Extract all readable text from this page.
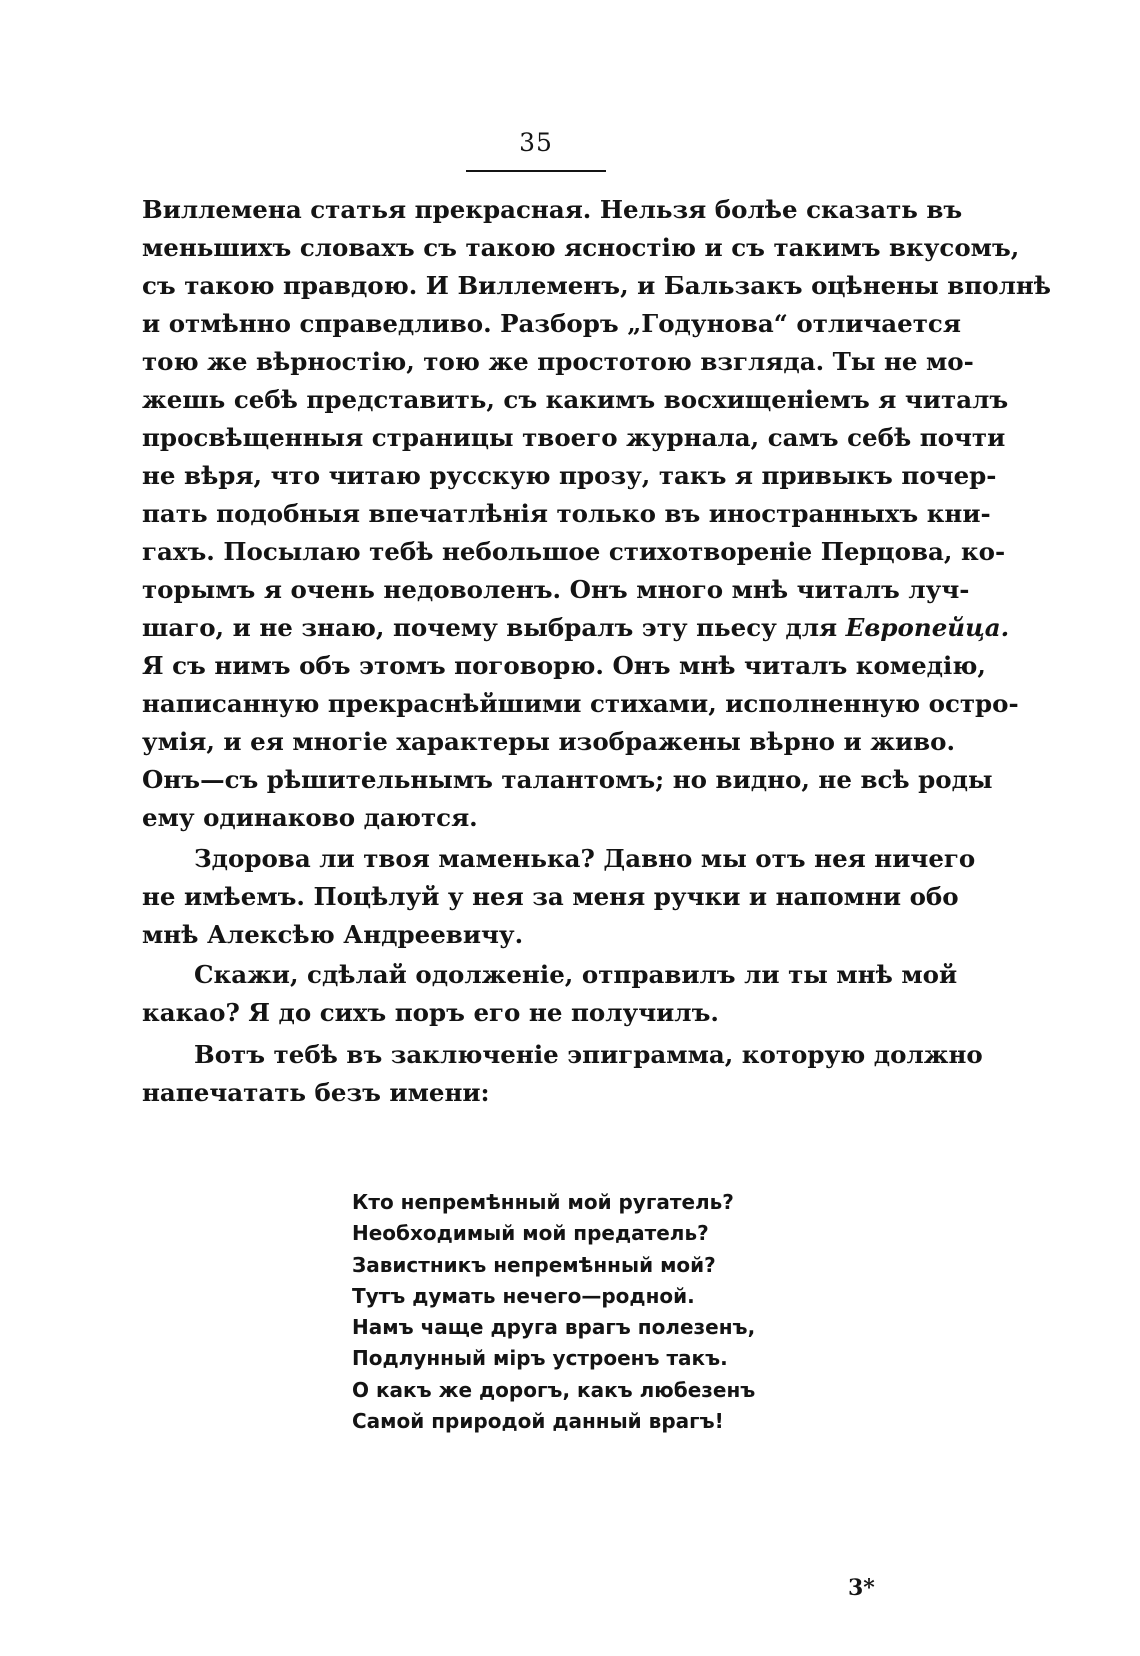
35
Виллемена статья прекрасная. Нельзя болѣе сказать въ
меньшихъ словахъ съ такою ясностію и съ такимъ вкусомъ,
съ такою правдою. И Виллеменъ, и Бальзакъ оцѣнены вполнѣ
и отмѣнно справедливо. Разборъ „Годунова“ отличается
тою же вѣрностію, тою же простотою взгляда. Ты не мо-
жешь себѣ представить, съ какимъ восхищеніемъ я читалъ
просвѣщенныя страницы твоего журнала, самъ себѣ почти
не вѣря, что читаю русскую прозу, такъ я привыкъ почер-
пать подобныя впечатлѣнія только въ иностранныхъ кни-
гахъ. Посылаю тебѣ небольшое стихотвореніе Перцова, ко-
торымъ я очень недоволенъ. Онъ много мнѣ читалъ луч-
шаго, и не знаю, почему выбралъ эту пьесу для Европейца.
Я съ нимъ объ этомъ поговорю. Онъ мнѣ читалъ комедію,
написанную прекраснѣйшими стихами, исполненную остро-
умія, и ея многіе характеры изображены вѣрно и живо.
Онъ—съ рѣшительнымъ талантомъ; но видно, не всѣ роды
ему одинаково даются.
Здорова ли твоя маменька? Давно мы отъ нея ничего
не имѣемъ. Поцѣлуй у нея за меня ручки и напомни обо
мнѣ Алексѣю Андреевичу.
Скажи, сдѣлай одолженіе, отправилъ ли ты мнѣ мой
какао? Я до сихъ поръ его не получилъ.
Вотъ тебѣ въ заключеніе эпиграмма, которую должно
напечатать безъ имени:
Кто непремѣнный мой ругатель?
Необходимый мой предатель?
Завистникъ непремѣнный мой?
Тутъ думать нечего—родной.
Намъ чаще друга врагъ полезенъ,
Подлунный міръ устроенъ такъ.
О какъ же дорогъ, какъ любезенъ
Самой природой данный врагъ!
3*
